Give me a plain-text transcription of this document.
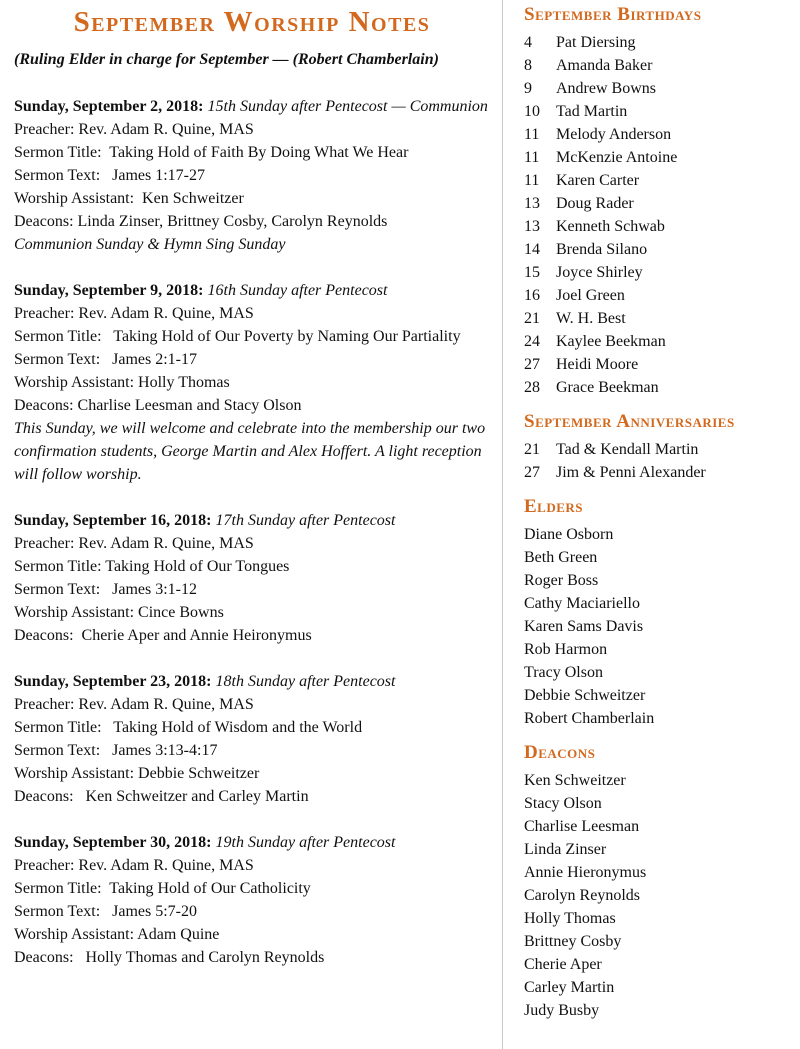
September Worship Notes

(Ruling Elder in charge for September — (Robert Chamberlain)

Sunday, September 2, 2018: 15th Sunday after Pentecost — Communion

Preacher: Rev. Adam R. Quine, MAS

Sermon Title:  Taking Hold of Faith By Doing What We Hear

Sermon Text:   James 1:17-27

Worship Assistant:  Ken Schweitzer

Deacons: Linda Zinser, Brittney Cosby, Carolyn Reynolds

Communion Sunday & Hymn Sing Sunday

Sunday, September 9, 2018: 16th Sunday after Pentecost

Preacher: Rev. Adam R. Quine, MAS

Sermon Title:   Taking Hold of Our Poverty by Naming Our Partiality

Sermon Text:   James 2:1-17

Worship Assistant: Holly Thomas

Deacons: Charlise Leesman and Stacy Olson

This Sunday, we will welcome and celebrate into the membership our two confirmation students, George Martin and Alex Hoffert. A light reception will follow worship.

Sunday, September 16, 2018: 17th Sunday after Pentecost

Preacher: Rev. Adam R. Quine, MAS

Sermon Title: Taking Hold of Our Tongues

Sermon Text:   James 3:1-12

Worship Assistant: Cince Bowns

Deacons:  Cherie Aper and Annie Heironymus

Sunday, September 23, 2018: 18th Sunday after Pentecost

Preacher: Rev. Adam R. Quine, MAS

Sermon Title:   Taking Hold of Wisdom and the World

Sermon Text:   James 3:13-4:17

Worship Assistant: Debbie Schweitzer

Deacons:   Ken Schweitzer and Carley Martin

Sunday, September 30, 2018: 19th Sunday after Pentecost

Preacher: Rev. Adam R. Quine, MAS

Sermon Title:  Taking Hold of Our Catholicity

Sermon Text:   James 5:7-20

Worship Assistant: Adam Quine

Deacons:   Holly Thomas and Carolyn Reynolds

September Birthdays

4 Pat Diersing

8 Amanda Baker

9 Andrew Bowns

10 Tad Martin

11 Melody Anderson

11 McKenzie Antoine

11 Karen Carter

13 Doug Rader

13 Kenneth Schwab

14 Brenda Silano

15 Joyce Shirley

16 Joel Green

21 W. H. Best

24 Kaylee Beekman

27 Heidi Moore

28 Grace Beekman

September Anniversaries

21 Tad & Kendall Martin

27 Jim & Penni Alexander

Elders

Diane Osborn

Beth Green

Roger Boss

Cathy Maciariello

Karen Sams Davis

Rob Harmon

Tracy Olson

Debbie Schweitzer

Robert Chamberlain

Deacons

Ken Schweitzer

Stacy Olson

Charlise Leesman

Linda Zinser

Annie Hieronymus

Carolyn Reynolds

Holly Thomas

Brittney Cosby

Cherie Aper

Carley Martin

Judy Busby
